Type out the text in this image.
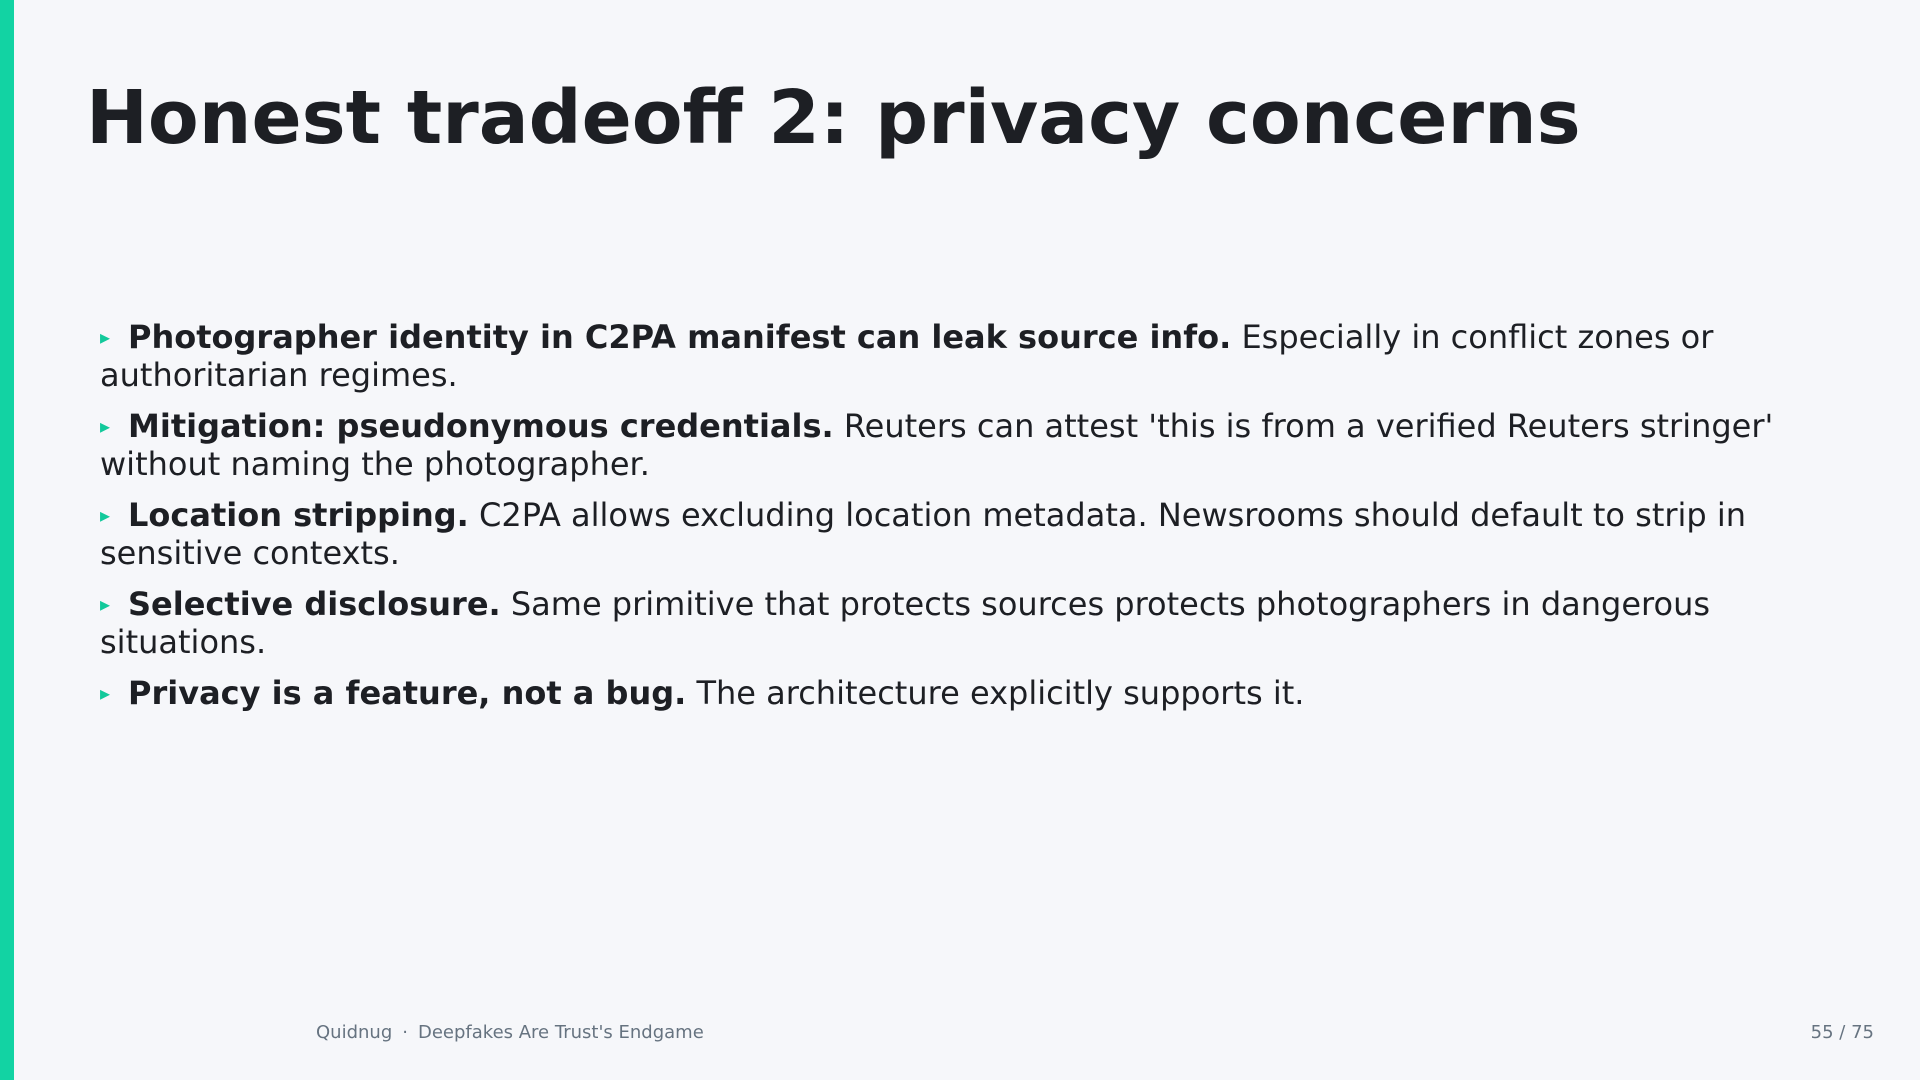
Honest tradeoff 2: privacy concerns
▸ Photographer identity in C2PA manifest can leak source info. Especially in conflict zones or authoritarian regimes.
▸ Mitigation: pseudonymous credentials. Reuters can attest 'this is from a verified Reuters stringer' without naming the photographer.
▸ Location stripping. C2PA allows excluding location metadata. Newsrooms should default to strip in sensitive contexts.
▸ Selective disclosure. Same primitive that protects sources protects photographers in dangerous situations.
▸ Privacy is a feature, not a bug. The architecture explicitly supports it.
Quidnug · Deepfakes Are Trust's Endgame	55 / 75
